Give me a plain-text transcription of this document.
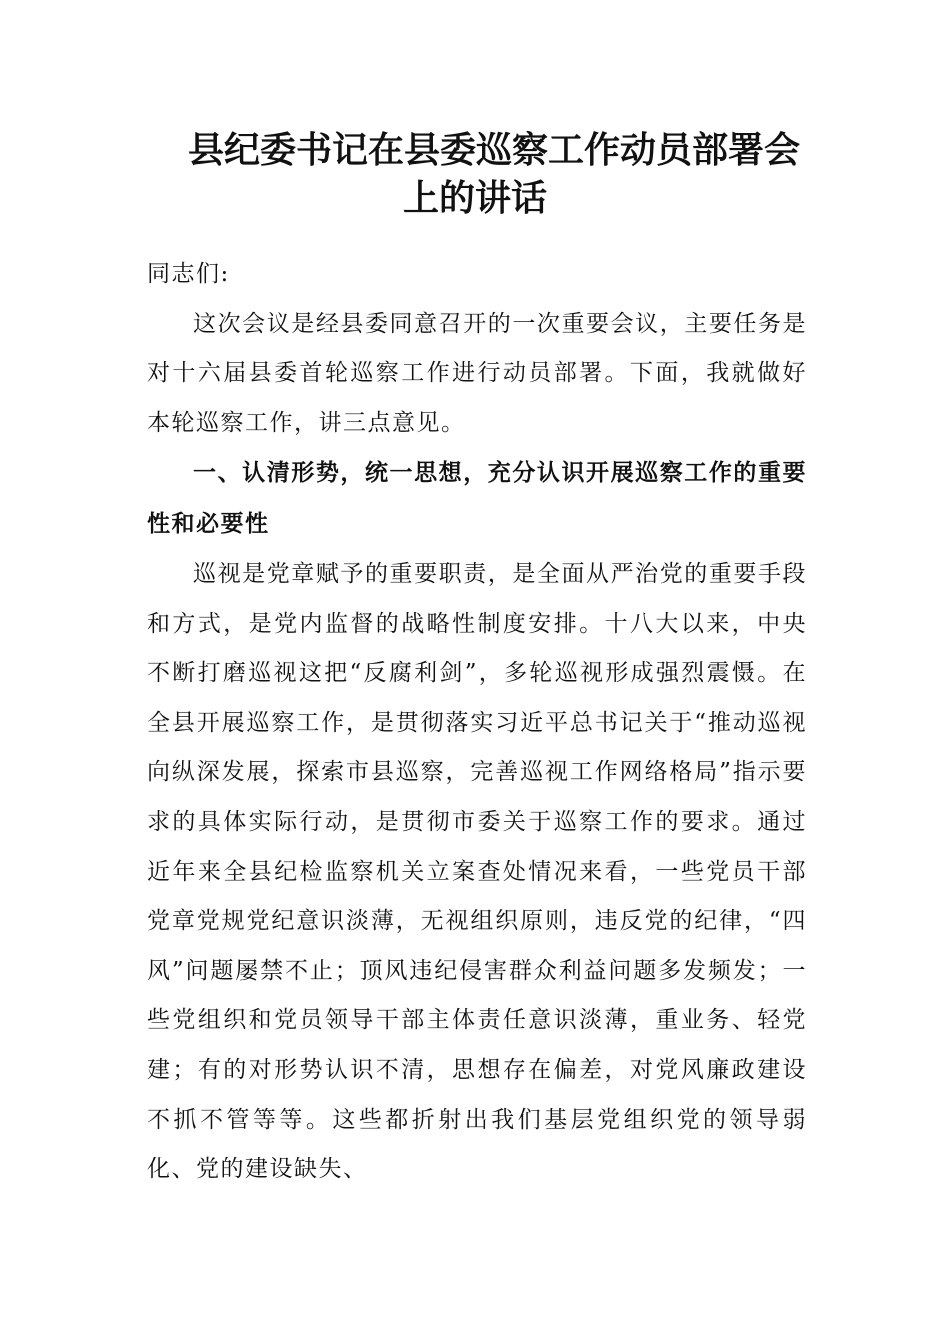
县纪委书记在县委巡察工作动员部署会
上的讲话

同志们:

这次会议是经县委同意召开的一次重要会议，主要任务是对十六届县委首轮巡察工作进行动员部署。下面，我就做好本轮巡察工作，讲三点意见。

一、认清形势，统一思想，充分认识开展巡察工作的重要性和必要性

巡视是党章赋予的重要职责，是全面从严治党的重要手段和方式，是党内监督的战略性制度安排。十八大以来，中央不断打磨巡视这把“反腐利剑”，多轮巡视形成强烈震慑。在全县开展巡察工作，是贯彻落实习近平总书记关于“推动巡视向纵深发展，探索市县巡察，完善巡视工作网络格局”指示要求的具体实际行动，是贯彻市委关于巡察工作的要求。通过近年来全县纪检监察机关立案查处情况来看，一些党员干部党章党规党纪意识淡薄，无视组织原则，违反党的纪律，“四风”问题屡禁不止；顶风违纪侵害群众利益问题多发频发；一些党组织和党员领导干部主体责任意识淡薄，重业务、轻党建；有的对形势认识不清，思想存在偏差，对党风廉政建设不抓不管等等。这些都折射出我们基层党组织党的领导弱化、党的建设缺失、
